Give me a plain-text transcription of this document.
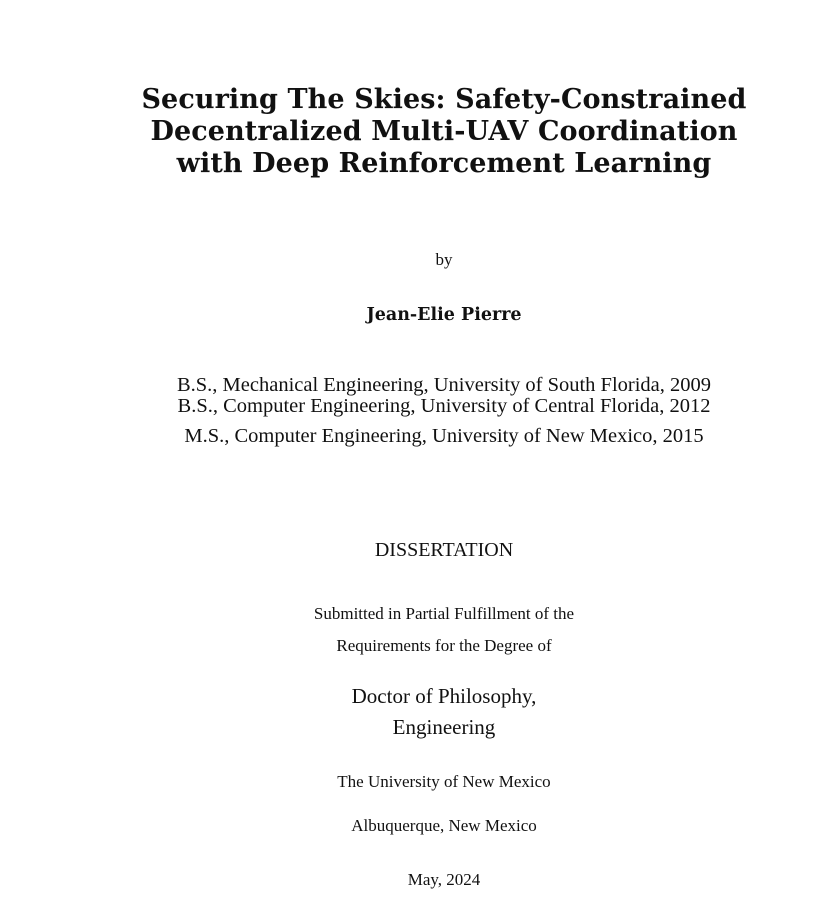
Securing The Skies: Safety-Constrained
Decentralized Multi-UAV Coordination
with Deep Reinforcement Learning
by
Jean-Elie Pierre
B.S., Mechanical Engineering, University of South Florida, 2009
B.S., Computer Engineering, University of Central Florida, 2012
M.S., Computer Engineering, University of New Mexico, 2015
DISSERTATION
Submitted in Partial Fulfillment of the
Requirements for the Degree of
Doctor of Philosophy,
Engineering
The University of New Mexico
Albuquerque, New Mexico
May, 2024
